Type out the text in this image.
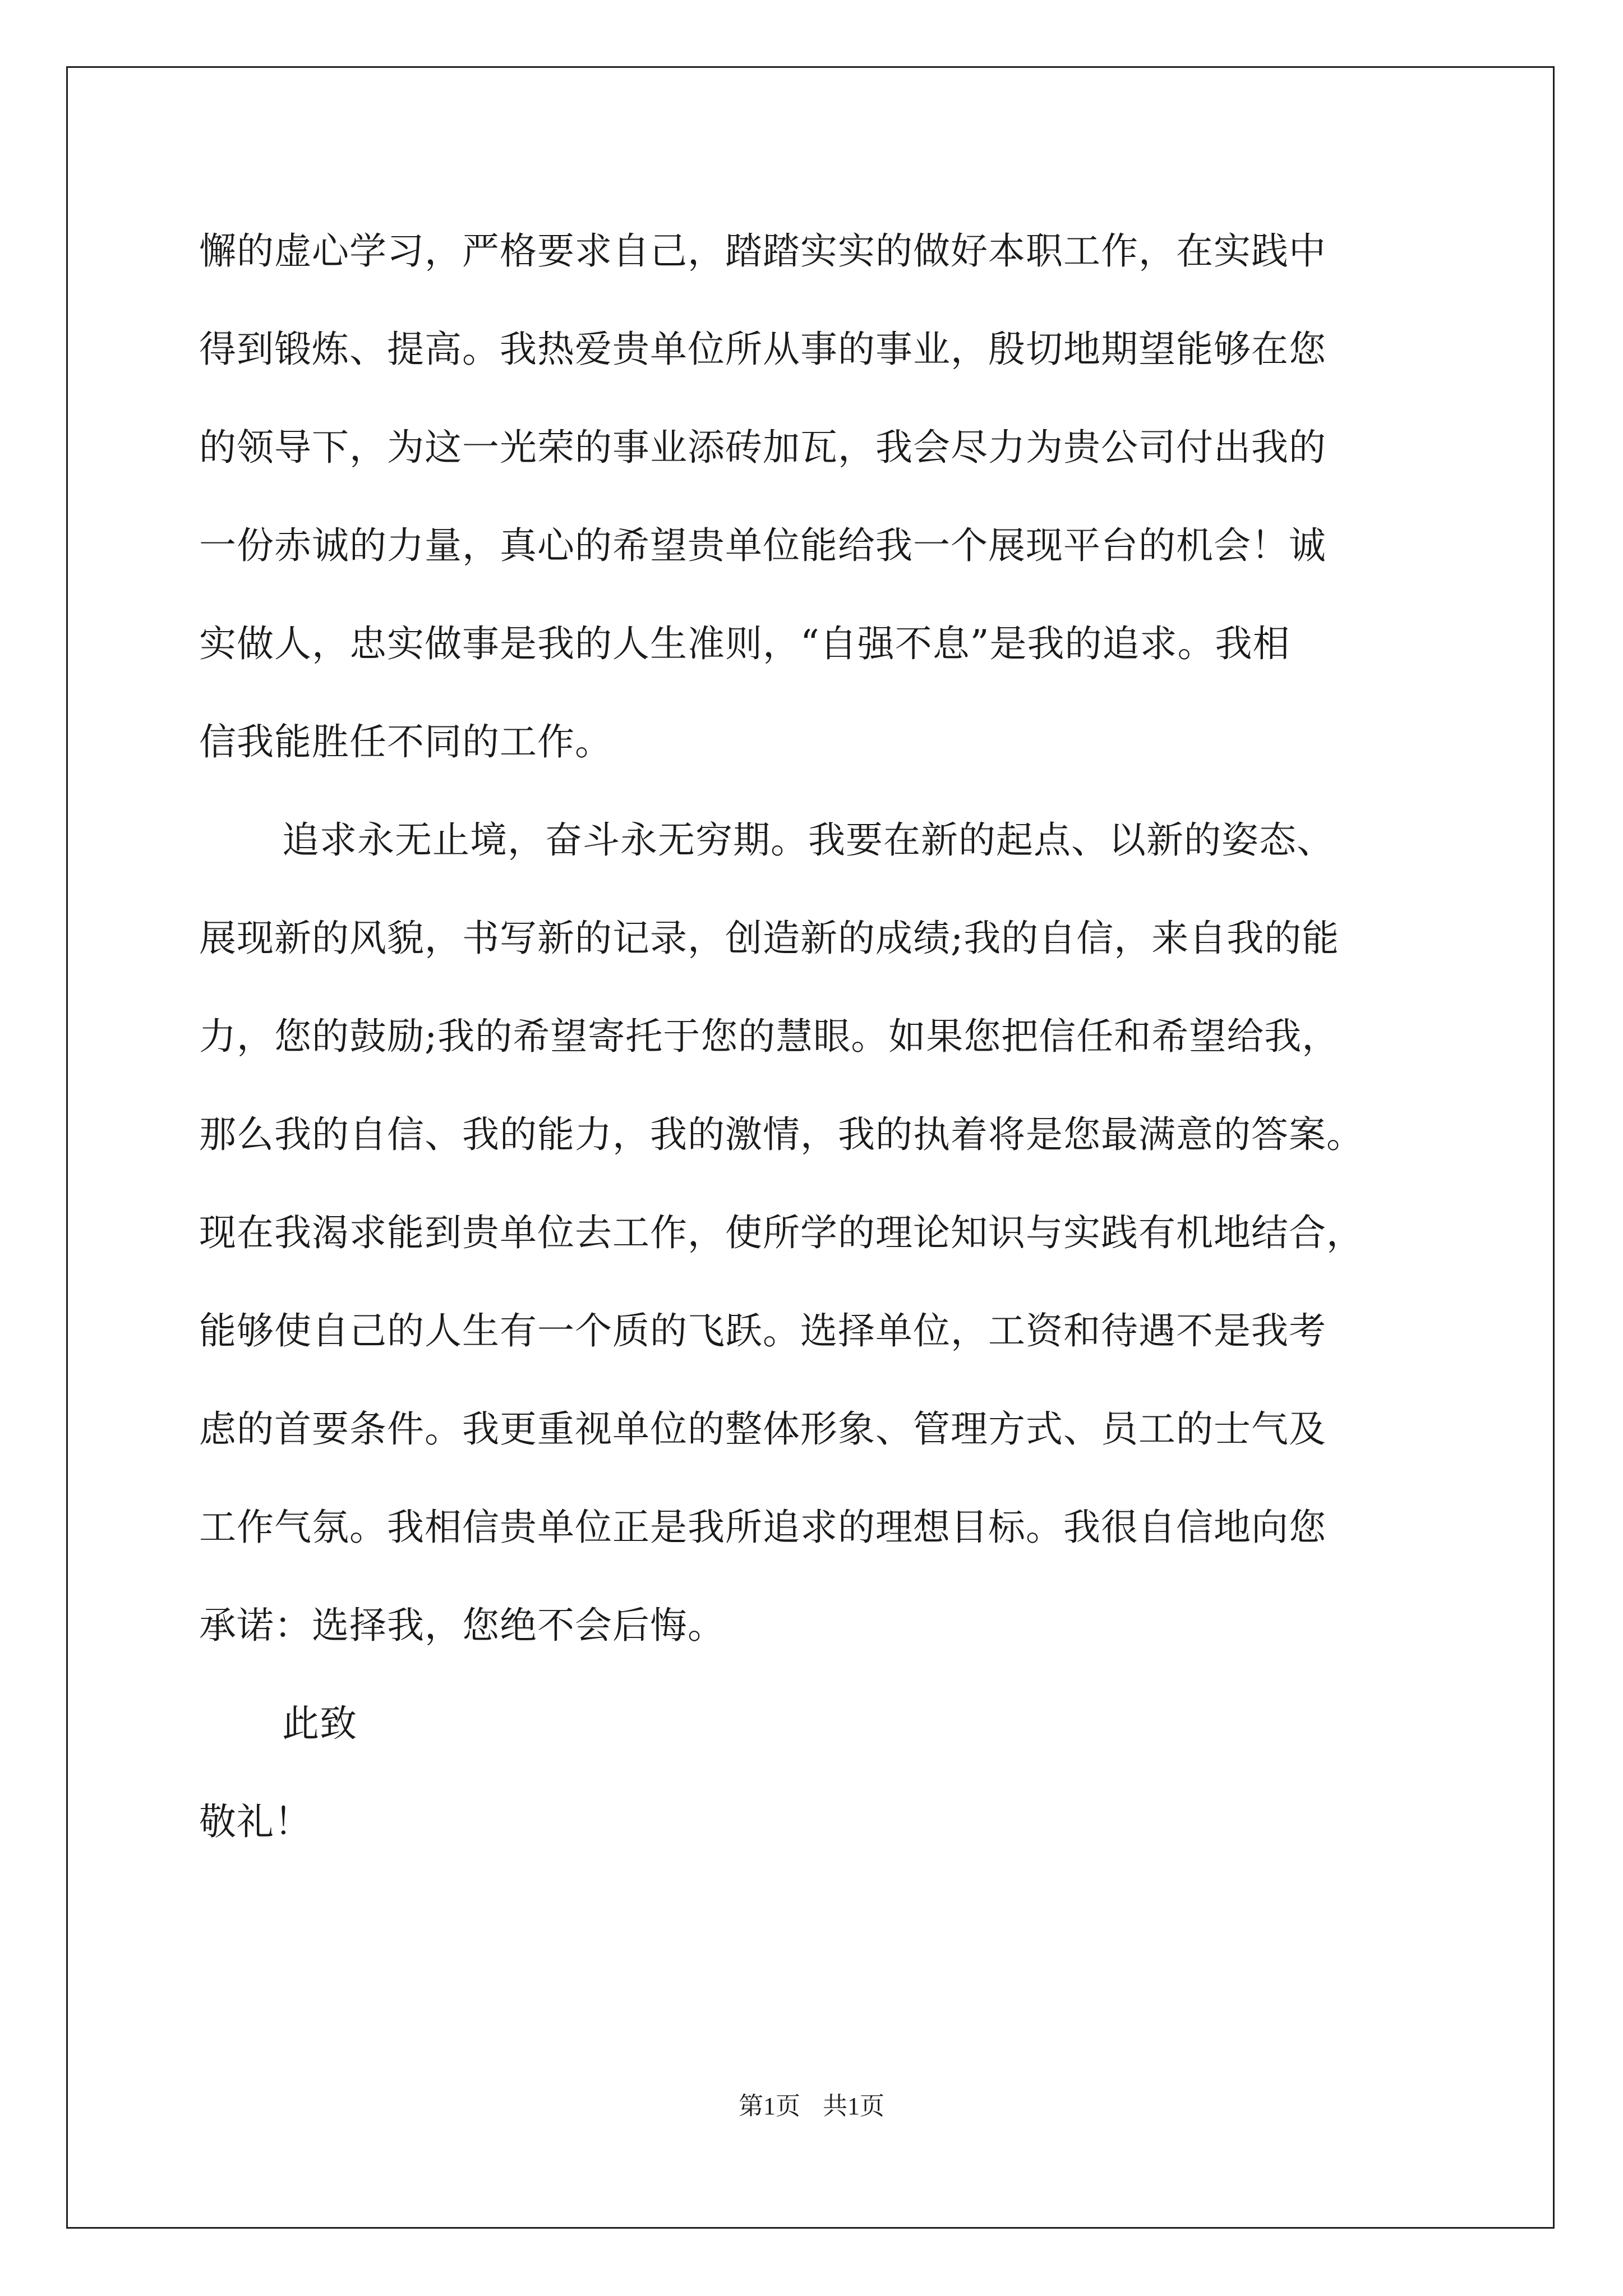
懈的虚心学习，严格要求自己，踏踏实实的做好本职工作，在实践中
得到锻炼、提高。我热爱贵单位所从事的事业，殷切地期望能够在您
的领导下，为这一光荣的事业添砖加瓦，我会尽力为贵公司付出我的
一份赤诚的力量，真心的希望贵单位能给我一个展现平台的机会！诚
实做人，忠实做事是我的人生准则，“自强不息”是我的追求。我相
信我能胜任不同的工作。
追求永无止境，奋斗永无穷期。我要在新的起点、以新的姿态、
展现新的风貌，书写新的记录，创造新的成绩;我的自信，来自我的能
力，您的鼓励;我的希望寄托于您的慧眼。如果您把信任和希望给我，
那么我的自信、我的能力，我的激情，我的执着将是您最满意的答案。
现在我渴求能到贵单位去工作，使所学的理论知识与实践有机地结合，
能够使自己的人生有一个质的飞跃。选择单位，工资和待遇不是我考
虑的首要条件。我更重视单位的整体形象、管理方式、员工的士气及
工作气氛。我相信贵单位正是我所追求的理想目标。我很自信地向您
承诺：选择我，您绝不会后悔。
此致
敬礼！
第1页 共1页
